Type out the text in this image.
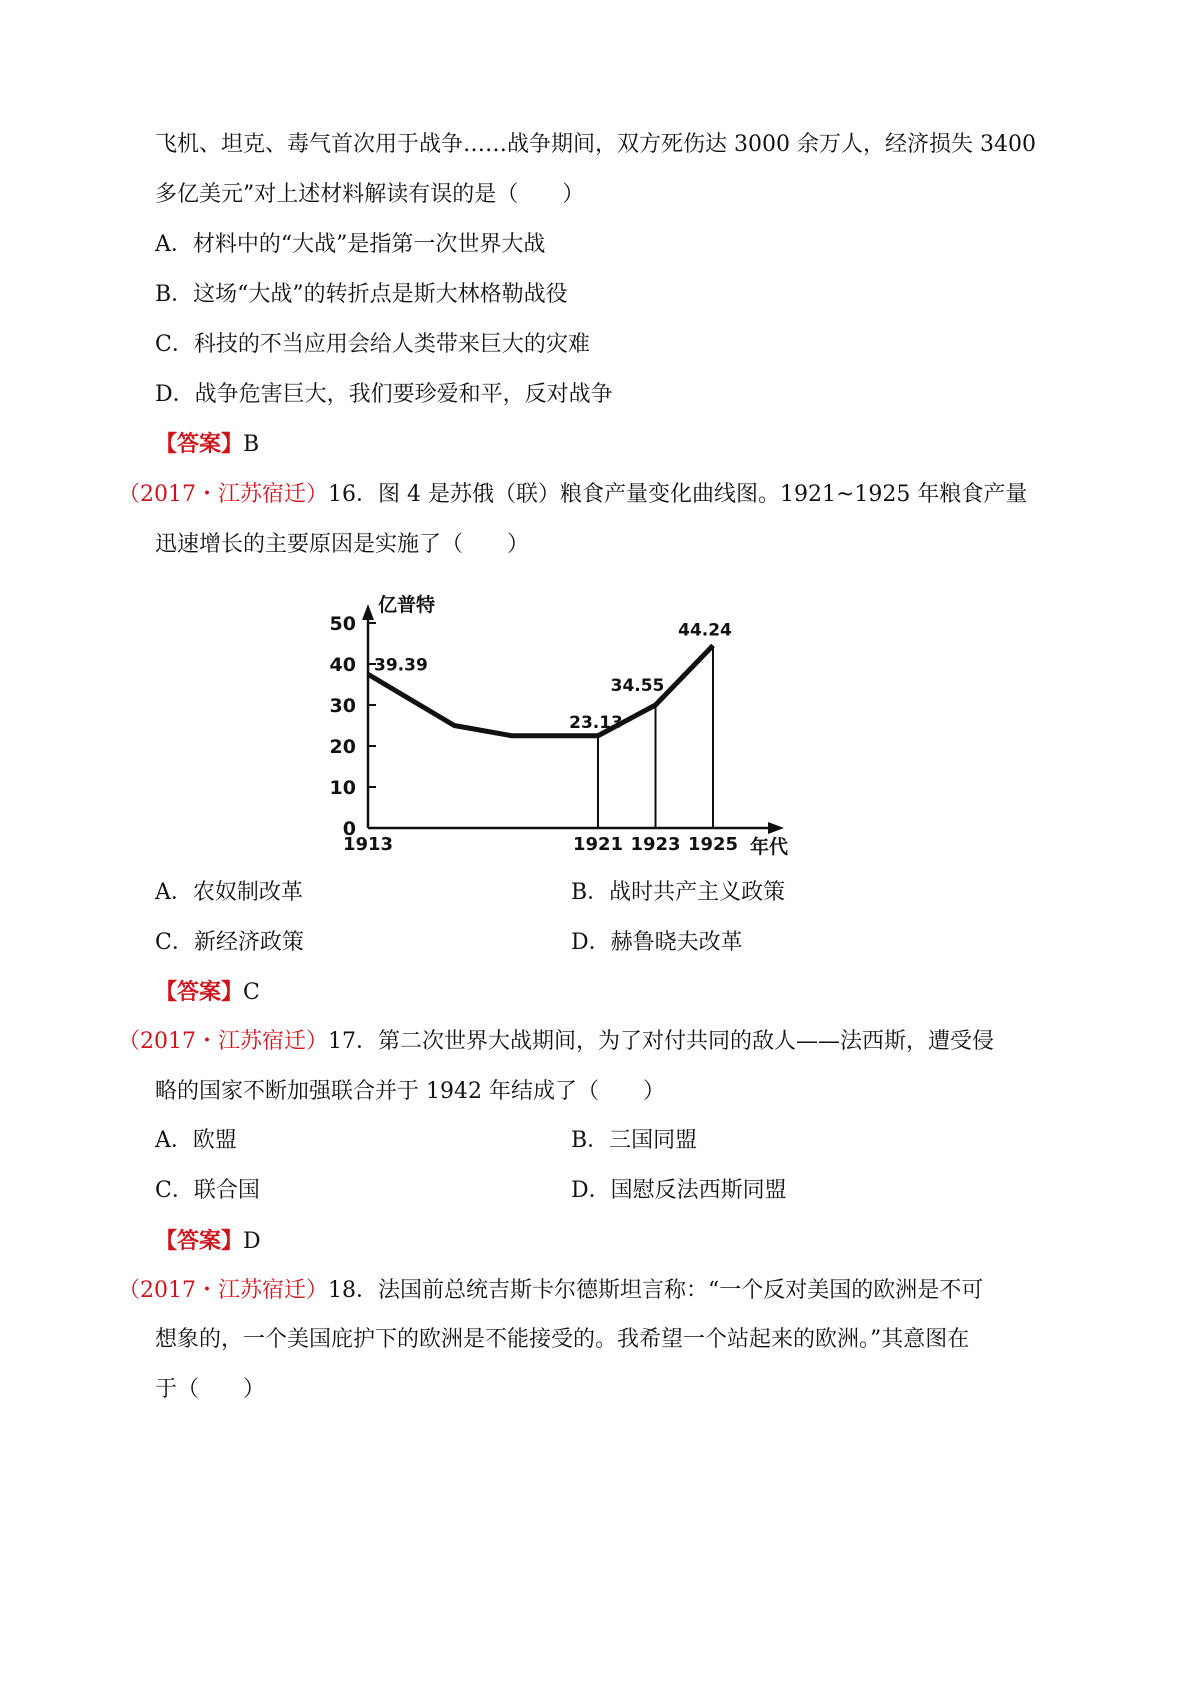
飞机、坦克、毒气首次用于战争……战争期间，双方死伤达 3000 余万人，经济损失 3400
多亿美元”对上述材料解读有误的是（　　）
A．材料中的“大战”是指第一次世界大战
B．这场“大战”的转折点是斯大林格勒战役
C．科技的不当应用会给人类带来巨大的灾难
D．战争危害巨大，我们要珍爱和平，反对战争
【答案】B
（2017・江苏宿迁）16．图 4 是苏俄（联）粮食产量变化曲线图。1921~1925 年粮食产量
迅速增长的主要原因是实施了（　　）
0
10
20
30
40
50
1913	1921 1923 1925
39.39
23.13
34.55
44.24
亿普特
年代
A．农奴制改革	B．战时共产主义政策
C．新经济政策	D．赫鲁晓夫改革
【答案】C
（2017・江苏宿迁）17．第二次世界大战期间，为了对付共同的敌人——法西斯，遭受侵
略的国家不断加强联合并于 1942 年结成了（　　）
A．欧盟	B．三国同盟
C．联合国	D．国慰反法西斯同盟
【答案】D
（2017・江苏宿迁）18．法国前总统吉斯卡尔德斯坦言称：“一个反对美国的欧洲是不可
想象的，一个美国庇护下的欧洲是不能接受的。我希望一个站起来的欧洲。”其意图在
于（　　）
